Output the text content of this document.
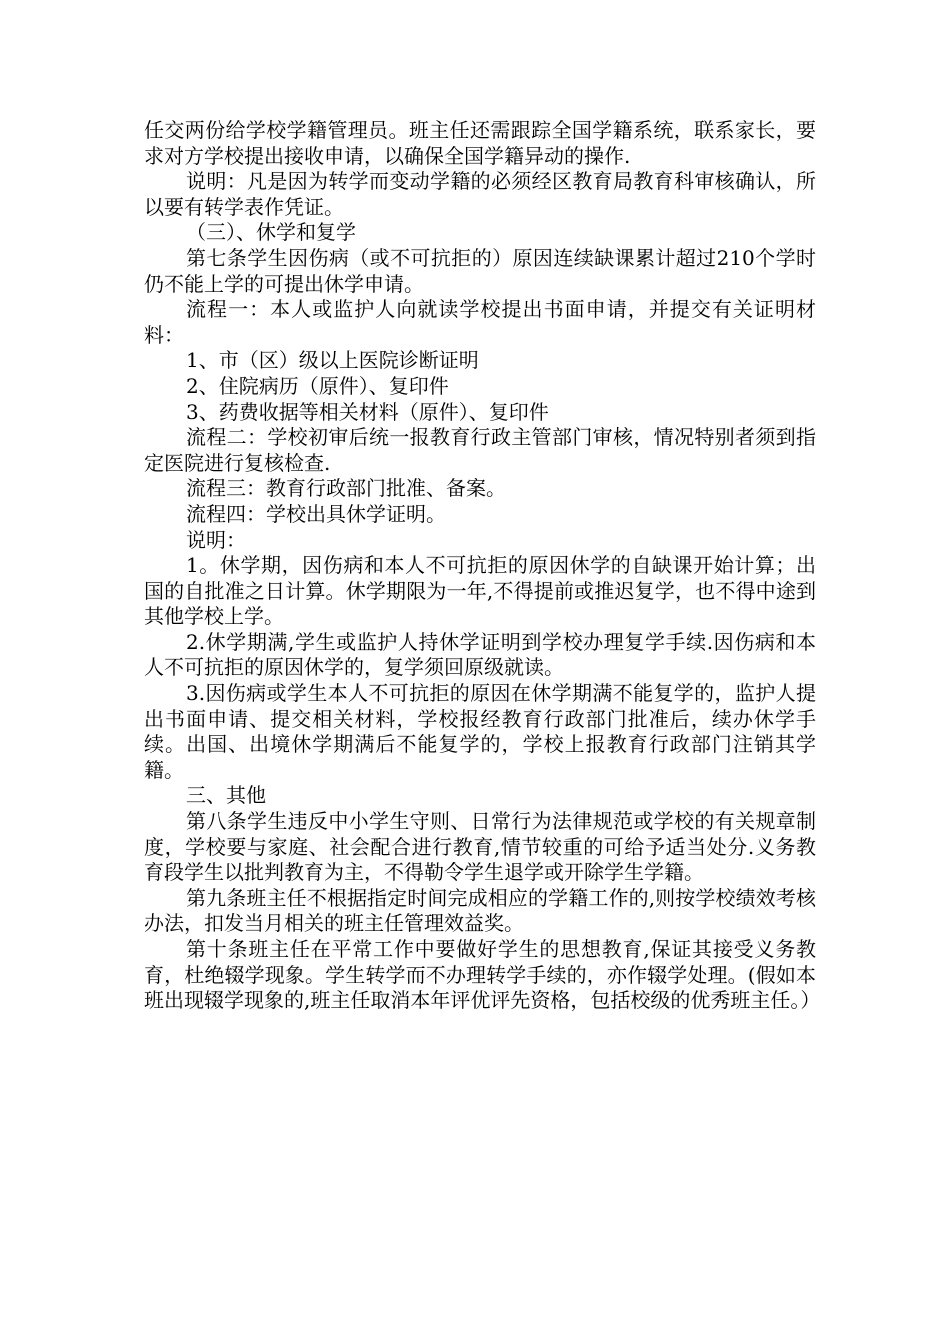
任交两份给学校学籍管理员。班主任还需跟踪全国学籍系统，联系家长，要求对方学校提出接收申请，以确保全国学籍异动的操作.

说明：凡是因为转学而变动学籍的必须经区教育局教育科审核确认，所以要有转学表作凭证。

（三）、休学和复学

第七条学生因伤病（或不可抗拒的）原因连续缺课累计超过210个学时仍不能上学的可提出休学申请。

流程一：本人或监护人向就读学校提出书面申请，并提交有关证明材料：

1、市（区）级以上医院诊断证明

2、住院病历（原件）、复印件

3、药费收据等相关材料（原件）、复印件

流程二：学校初审后统一报教育行政主管部门审核，情况特别者须到指定医院进行复核检查.

流程三：教育行政部门批准、备案。

流程四：学校出具休学证明。

说明：

1。休学期，因伤病和本人不可抗拒的原因休学的自缺课开始计算；出国的自批准之日计算。休学期限为一年,不得提前或推迟复学，也不得中途到其他学校上学。

2.休学期满,学生或监护人持休学证明到学校办理复学手续.因伤病和本人不可抗拒的原因休学的，复学须回原级就读。

3.因伤病或学生本人不可抗拒的原因在休学期满不能复学的，监护人提出书面申请、提交相关材料，学校报经教育行政部门批准后，续办休学手续。出国、出境休学期满后不能复学的，学校上报教育行政部门注销其学籍。

三、其他

第八条学生违反中小学生守则、日常行为法律规范或学校的有关规章制度，学校要与家庭、社会配合进行教育,情节较重的可给予适当处分.义务教育段学生以批判教育为主，不得勒令学生退学或开除学生学籍。

第九条班主任不根据指定时间完成相应的学籍工作的,则按学校绩效考核办法，扣发当月相关的班主任管理效益奖。

第十条班主任在平常工作中要做好学生的思想教育,保证其接受义务教育，杜绝辍学现象。学生转学而不办理转学手续的，亦作辍学处理。(假如本班出现辍学现象的,班主任取消本年评优评先资格，包括校级的优秀班主任。）
